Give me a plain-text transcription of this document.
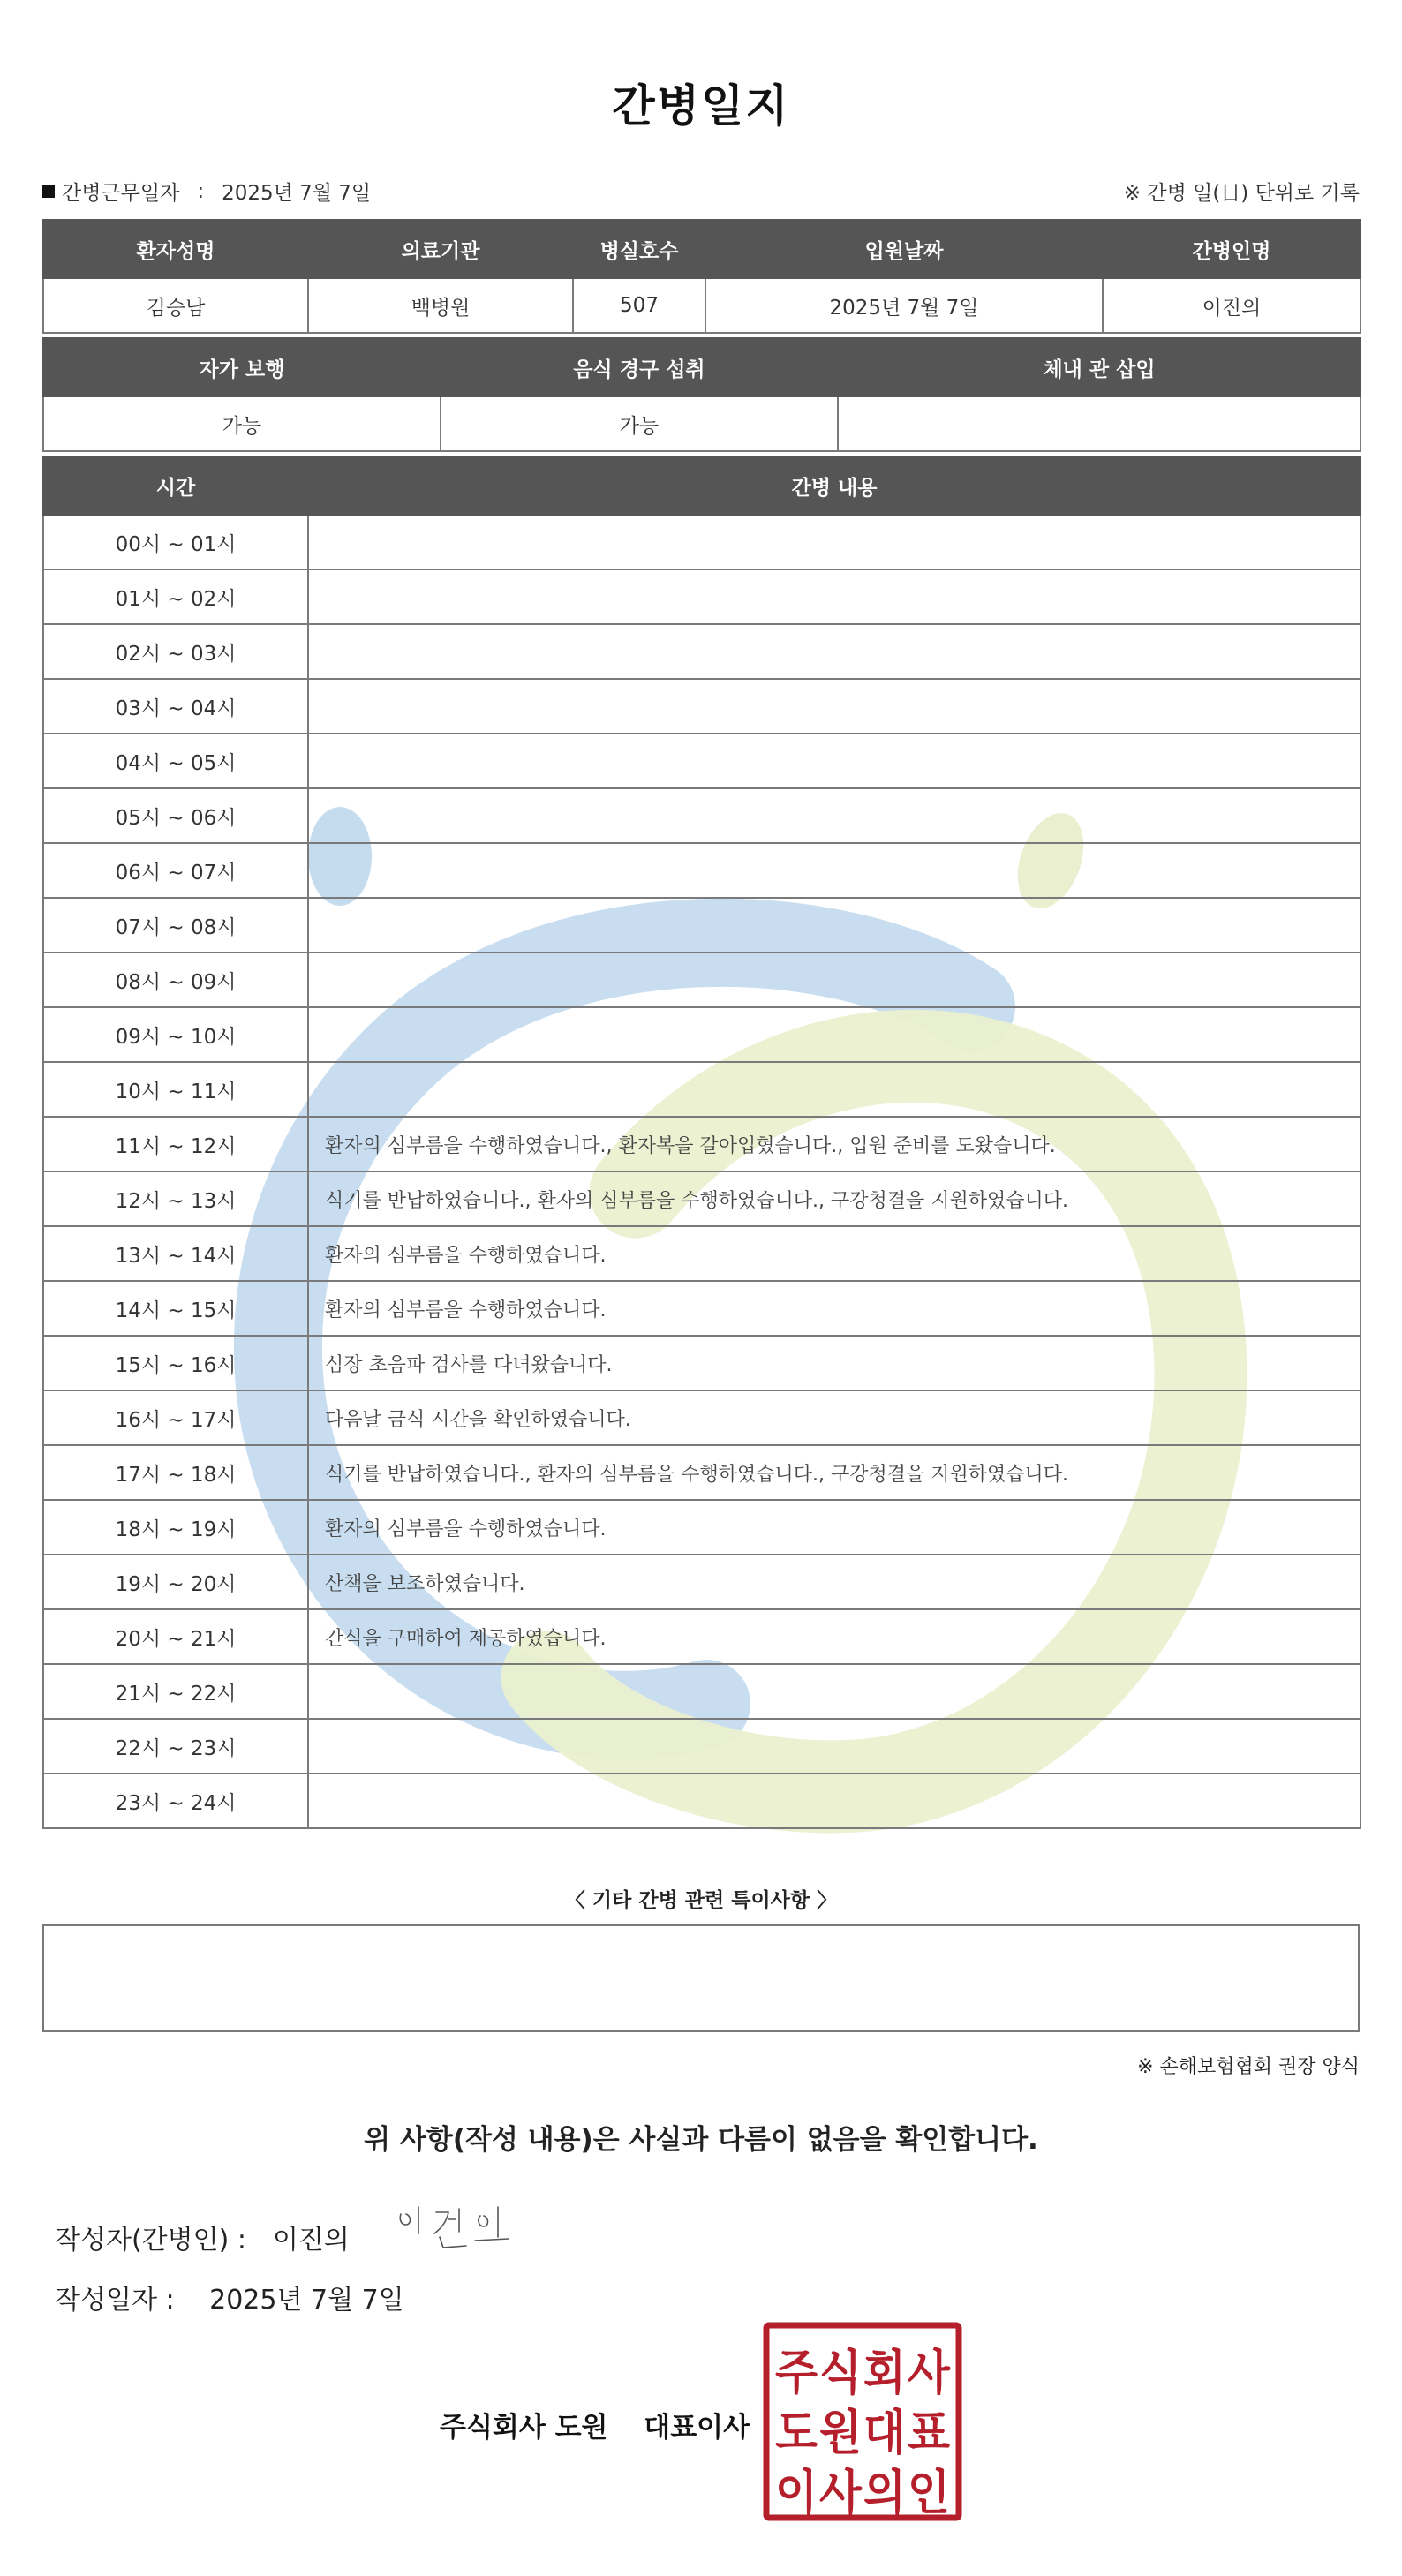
간병일지
간병근무일자 : 2025년 7월 7일	※ 간병 일(日) 단위로 기록
환자성명	의료기관	병실호수	입원날짜	간병인명
김승남	백병원	507	2025년 7월 7일	이진의
자가 보행	음식 경구 섭취	체내 관 삽입
가능	가능	
시간	간병 내용
00시 ~ 01시	
01시 ~ 02시	
02시 ~ 03시	
03시 ~ 04시	
04시 ~ 05시	
05시 ~ 06시	
06시 ~ 07시	
07시 ~ 08시	
08시 ~ 09시	
09시 ~ 10시	
10시 ~ 11시	
11시 ~ 12시	환자의 심부름을 수행하였습니다., 환자복을 갈아입혔습니다., 입원 준비를 도왔습니다.
12시 ~ 13시	식기를 반납하였습니다., 환자의 심부름을 수행하였습니다., 구강청결을 지원하였습니다.
13시 ~ 14시	환자의 심부름을 수행하였습니다.
14시 ~ 15시	환자의 심부름을 수행하였습니다.
15시 ~ 16시	심장 초음파 검사를 다녀왔습니다.
16시 ~ 17시	다음날 금식 시간을 확인하였습니다.
17시 ~ 18시	식기를 반납하였습니다., 환자의 심부름을 수행하였습니다., 구강청결을 지원하였습니다.
18시 ~ 19시	환자의 심부름을 수행하였습니다.
19시 ~ 20시	산책을 보조하였습니다.
20시 ~ 21시	간식을 구매하여 제공하였습니다.
21시 ~ 22시	
22시 ~ 23시	
23시 ~ 24시	
〈 기타 간병 관련 특이사항 〉
※ 손해보험협회 권장 양식
위 사항(작성 내용)은 사실과 다름이 없음을 확인합니다.
작성자(간병인) : 이진의
작성일자 : 2025년 7월 7일
주식회사 도원 대표이사
주 식 회 사
도 원 대 표
이 사 의 인
